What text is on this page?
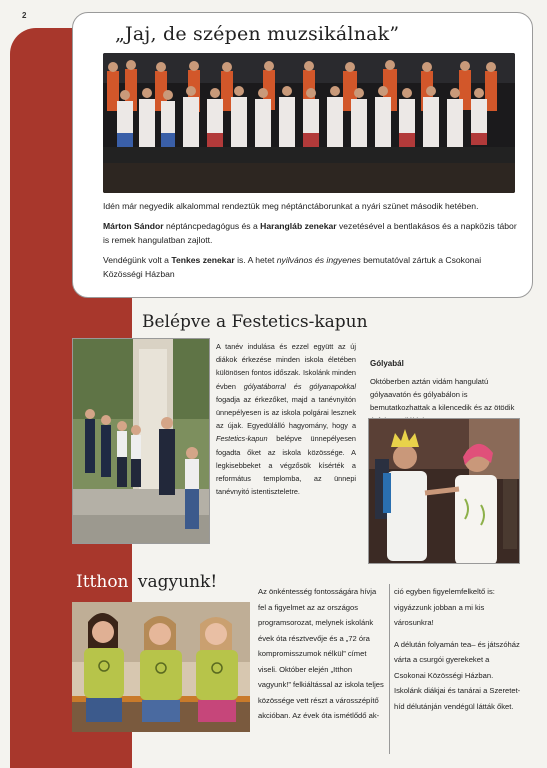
2
„Jaj, de szépen muzsikálnak”

Idén már negyedik alkalommal rendeztük meg néptánctáborunkat a nyári szünet második hetében.

Márton Sándor néptáncpedagógus és a Harangláb zenekar vezetésével a bentlakásos és a napközis tábor is remek hangulatban zajlott.

Vendégünk volt a Tenkes zenekar is. A hetet nyilvános és ingyenes bemutatóval zártuk a Csokonai Közösségi Házban

Belépve a Festetics-kapun
A tanév indulása és ezzel együtt az új diákok érkezése minden iskola életében különösen fontos időszak. Iskolánk minden évben gólyatáborral és gólyanapokkal fogadja az érkezőket, majd a tanévnyitón ünnepélyesen is az iskola polgárai lesznek az újak. Egyedülálló hagyomány, hogy a Festetics-kapun belépve ünnepélyesen fogadta őket az iskola közössége. A legkisebbeket a végzősök kísérték a református templomba, az ünnepi tanévnyitó istentiszteletre.
Gólyabál
Októberben aztán vidám hangulatú gólyaavatón és gólyabálon is bemutatkozhattak a kilencedik és az ötödik
Itthon vagyunk!	Az önkéntesség fontosságára hívja fel a figyelmet az az országos programsorozat, melynek iskolánk évek óta résztvevője és a „72 óra kompromisszumok nélkül” címet viseli. Október elején „Itthon vagyunk!” felkiáltással az iskola teljes közössége vett részt a városszépítő akcióban. Az évek óta ismétlődő ak-

ció egyben figyelemfelkeltő is: vigyázzunk jobban a mi kis városunkra!

A délután folyamán tea– és játszóház várta a csurgói gyerekeket a Csokonai Közösségi Házban. Iskolánk diákjai és tanárai a Szeretet-híd délutánján vendégül látták őket.
